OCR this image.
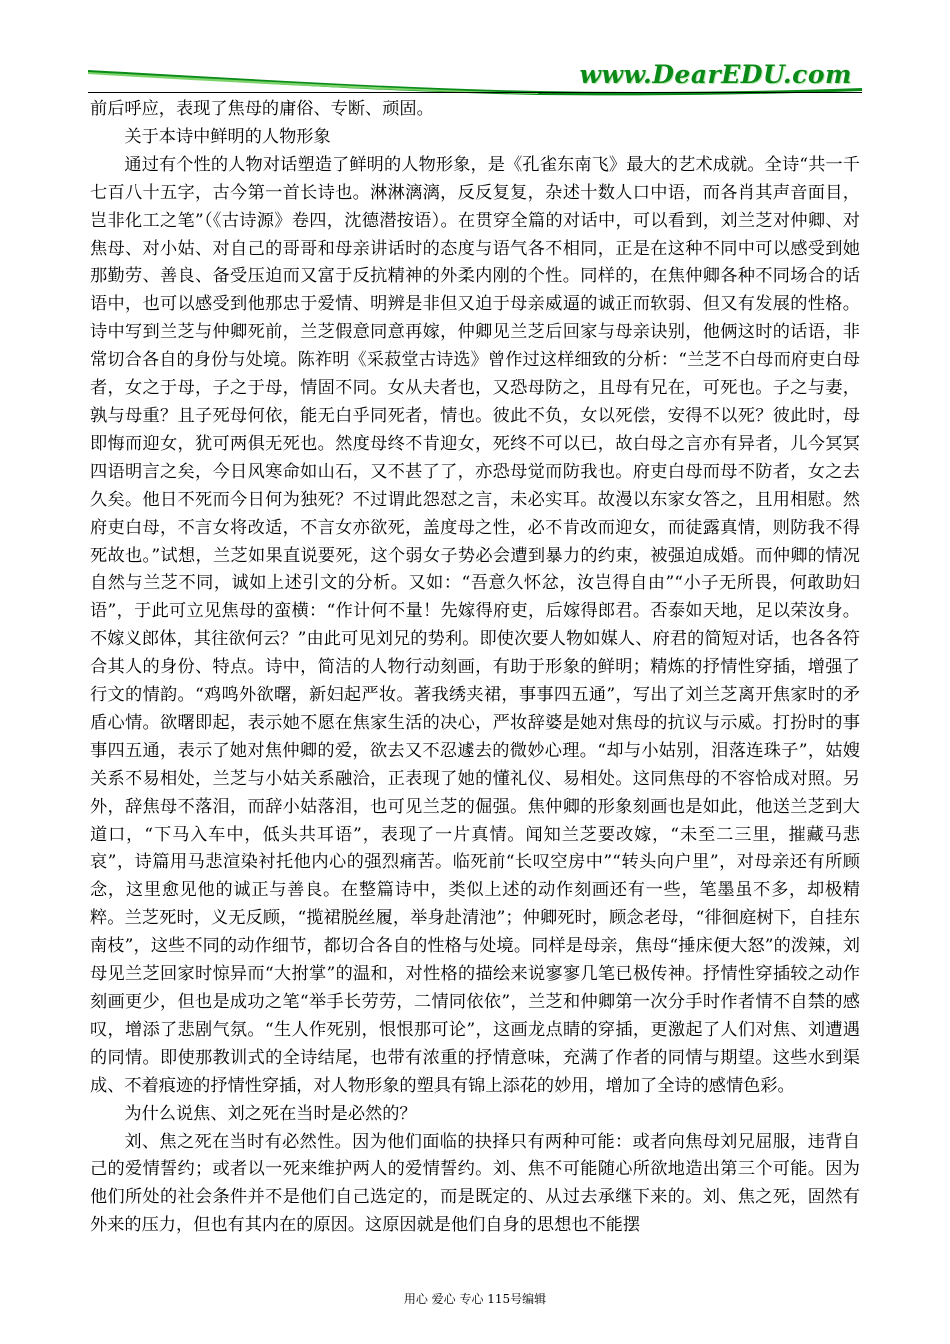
www.DearEDU.com

前后呼应，表现了焦母的庸俗、专断、顽固。

关于本诗中鲜明的人物形象

通过有个性的人物对话塑造了鲜明的人物形象，是《孔雀东南飞》最大的艺术成就。全诗“共一千七百八十五字，古今第一首长诗也。淋淋漓漓，反反复复，杂述十数人口中语，而各肖其声音面目，岂非化工之笔”（《古诗源》卷四，沈德潜按语）。在贯穿全篇的对话中，可以看到，刘兰芝对仲卿、对焦母、对小姑、对自己的哥哥和母亲讲话时的态度与语气各不相同，正是在这种不同中可以感受到她那勤劳、善良、备受压迫而又富于反抗精神的外柔内刚的个性。同样的，在焦仲卿各种不同场合的话语中，也可以感受到他那忠于爱情、明辨是非但又迫于母亲威逼的诚正而软弱、但又有发展的性格。诗中写到兰芝与仲卿死前，兰芝假意同意再嫁，仲卿见兰芝后回家与母亲诀别，他俩这时的话语，非常切合各自的身份与处境。陈祚明《采菽堂古诗选》曾作过这样细致的分析：“兰芝不白母而府吏白母者，女之于母，子之于母，情固不同。女从夫者也，又恐母防之，且母有兄在，可死也。子之与妻，孰与母重？且子死母何依，能无白乎同死者，情也。彼此不负，女以死偿，安得不以死？彼此时，母即悔而迎女，犹可两俱无死也。然度母终不肯迎女，死终不可以已，故白母之言亦有异者，儿今冥冥四语明言之矣，今日风寒命如山石，又不甚了了，亦恐母觉而防我也。府吏白母而母不防者，女之去久矣。他日不死而今日何为独死？不过谓此怨怼之言，未必实耳。故漫以东家女答之，且用相慰。然府吏白母，不言女将改适，不言女亦欲死，盖度母之性，必不肯改而迎女，而徒露真情，则防我不得死故也。”试想，兰芝如果直说要死，这个弱女子势必会遭到暴力的约束，被强迫成婚。而仲卿的情况自然与兰芝不同，诚如上述引文的分析。又如：“吾意久怀忿，汝岂得自由”“小子无所畏，何敢助妇语”，于此可立见焦母的蛮横：“作计何不量！先嫁得府吏，后嫁得郎君。否泰如天地，足以荣汝身。不嫁义郎体，其往欲何云？”由此可见刘兄的势利。即使次要人物如媒人、府君的简短对话，也各各符合其人的身份、特点。诗中，简洁的人物行动刻画，有助于形象的鲜明；精炼的抒情性穿插，增强了行文的情韵。“鸡鸣外欲曙，新妇起严妆。著我绣夹裙，事事四五通”，写出了刘兰芝离开焦家时的矛盾心情。欲曙即起，表示她不愿在焦家生活的决心，严妆辞婆是她对焦母的抗议与示威。打扮时的事事四五通，表示了她对焦仲卿的爱，欲去又不忍遽去的微妙心理。“却与小姑别，泪落连珠子”，姑嫂关系不易相处，兰芝与小姑关系融洽，正表现了她的懂礼仪、易相处。这同焦母的不容恰成对照。另外，辞焦母不落泪，而辞小姑落泪，也可见兰芝的倔强。焦仲卿的形象刻画也是如此，他送兰芝到大道口，“下马入车中，低头共耳语”，表现了一片真情。闻知兰芝要改嫁，“未至二三里，摧藏马悲哀”，诗篇用马悲渲染衬托他内心的强烈痛苦。临死前“长叹空房中”“转头向户里”，对母亲还有所顾念，这里愈见他的诚正与善良。在整篇诗中，类似上述的动作刻画还有一些，笔墨虽不多，却极精粹。兰芝死时，义无反顾，“揽裙脱丝履，举身赴清池”；仲卿死时，顾念老母，“徘徊庭树下，自挂东南枝”，这些不同的动作细节，都切合各自的性格与处境。同样是母亲，焦母“捶床便大怒”的泼辣，刘母见兰芝回家时惊异而“大拊掌”的温和，对性格的描绘来说寥寥几笔已极传神。抒情性穿插较之动作刻画更少，但也是成功之笔“举手长劳劳，二情同依依”，兰芝和仲卿第一次分手时作者情不自禁的感叹，增添了悲剧气氛。“生人作死别，恨恨那可论”，这画龙点睛的穿插，更激起了人们对焦、刘遭遇的同情。即使那教训式的全诗结尾，也带有浓重的抒情意味，充满了作者的同情与期望。这些水到渠成、不着痕迹的抒情性穿插，对人物形象的塑具有锦上添花的妙用，增加了全诗的感情色彩。

为什么说焦、刘之死在当时是必然的？

刘、焦之死在当时有必然性。因为他们面临的抉择只有两种可能：或者向焦母刘兄屈服，违背自己的爱情誓约；或者以一死来维护两人的爱情誓约。刘、焦不可能随心所欲地造出第三个可能。因为他们所处的社会条件并不是他们自己选定的，而是既定的、从过去承继下来的。刘、焦之死，固然有外来的压力，但也有其内在的原因。这原因就是他们自身的思想也不能摆

用心 爱心 专心 115号编辑
